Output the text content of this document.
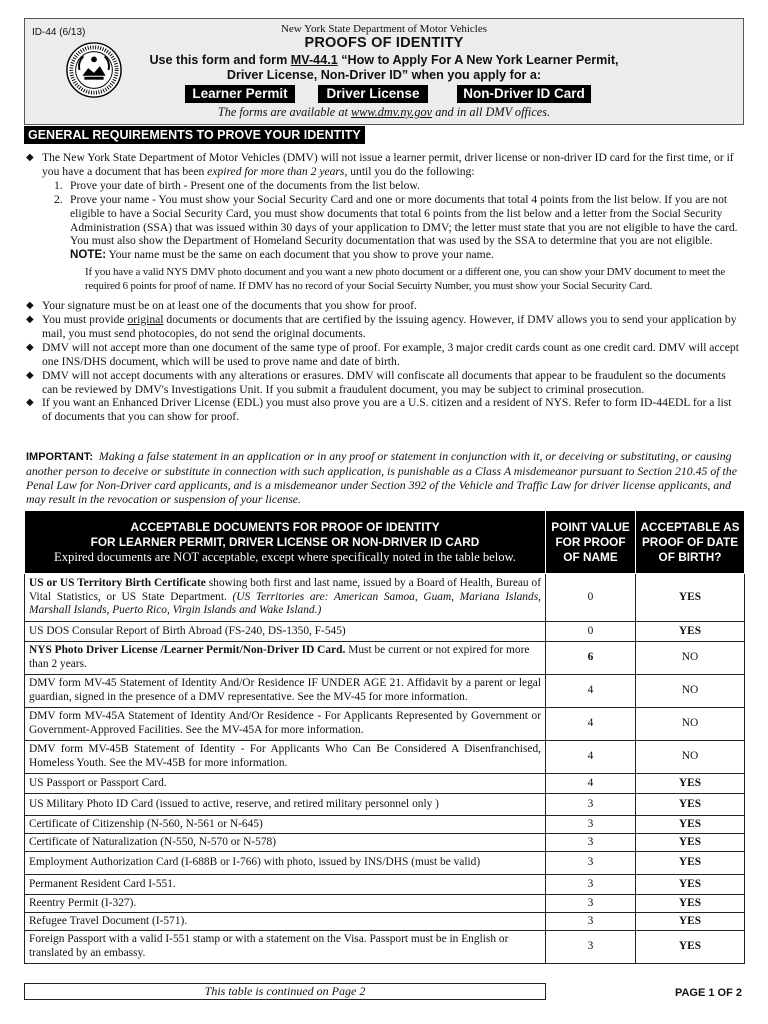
ID-44 (6/13)	New York State Department of Motor Vehicles
PROOFS OF IDENTITY
Use this form and form MV-44.1 “How to Apply For A New York Learner Permit,
Driver License, Non-Driver ID” when you apply for a:
Learner Permit	Driver License	Non-Driver ID Card
The forms are available at www.dmv.ny.gov and in all DMV offices.
GENERAL REQUIREMENTS TO PROVE YOUR IDENTITY
◆ The New York State Department of Motor Vehicles (DMV) will not issue a learner permit, driver license or non-driver ID card for the first time, or if you have a document that has been expired for more than 2 years, until you do the following:
1. Prove your date of birth - Present one of the documents from the list below.
2. Prove your name - You must show your Social Security Card and one or more documents that total 4 points from the list below. If you are not eligible to have a Social Security Card, you must show documents that total 6 points from the list below and a letter from the Social Security Administration (SSA) that was issued within 30 days of your application to DMV; the letter must state that you are not eligible to have the card. You must also show the Department of Homeland Security documentation that was used by the SSA to determine that you are not eligible. NOTE: Your name must be the same on each document that you show to prove your name.
If you have a valid NYS DMV photo document and you want a new photo document or a different one, you can show your DMV document to meet the required 6 points for proof of name. If DMV has no record of your Social Secuirty Number, you must show your Social Security Card.
◆ Your signature must be on at least one of the documents that you show for proof.
◆ You must provide original documents or documents that are certified by the issuing agency. However, if DMV allows you to send your application by mail, you must send photocopies, do not send the original documents.
◆ DMV will not accept more than one document of the same type of proof. For example, 3 major credit cards count as one credit card. DMV will accept one INS/DHS document, which will be used to prove name and date of birth.
◆ DMV will not accept documents with any alterations or erasures. DMV will confiscate all documents that appear to be fraudulent so the documents can be reviewed by DMV's Investigations Unit. If you submit a fraudulent document, you may be subject to criminal prosecution.
◆ If you want an Enhanced Driver License (EDL) you must also prove you are a U.S. citizen and a resident of NYS. Refer to form ID-44EDL for a list of documents that you can show for proof.
IMPORTANT: Making a false statement in an application or in any proof or statement in conjunction with it, or deceiving or substituting, or causing another person to deceive or substitute in connection with such application, is punishable as a Class A misdemeanor pursuant to Section 210.45 of the Penal Law for Non-Driver card applicants, and is a misdemeanor under Section 392 of the Vehicle and Traffic Law for driver license applicants, and may result in the revocation or suspension of your license.
ACCEPTABLE DOCUMENTS FOR PROOF OF IDENTITY
FOR LEARNER PERMIT, DRIVER LICENSE OR NON-DRIVER ID CARD
Expired documents are NOT acceptable, except where specifically noted in the table below.	POINT VALUE FOR PROOF OF NAME	ACCEPTABLE AS PROOF OF DATE OF BIRTH?
US or US Territory Birth Certificate showing both first and last name, issued by a Board of Health, Bureau of Vital Statistics, or US State Department. (US Territories are: American Samoa, Guam, Mariana Islands, Marshall Islands, Puerto Rico, Virgin Islands and Wake Island.)	0	YES
US DOS Consular Report of Birth Abroad (FS-240, DS-1350, F-545)	0	YES
NYS Photo Driver License /Learner Permit/Non-Driver ID Card. Must be current or not expired for more than 2 years.	6	NO
DMV form MV-45 Statement of Identity And/Or Residence IF UNDER AGE 21. Affidavit by a parent or legal guardian, signed in the presence of a DMV representative. See the MV-45 for more information.	4	NO
DMV form MV-45A Statement of Identity And/Or Residence - For Applicants Represented by Government or Government-Approved Facilities. See the MV-45A for more information.	4	NO
DMV form MV-45B Statement of Identity - For Applicants Who Can Be Considered A Disenfranchised, Homeless Youth. See the MV-45B for more information.	4	NO
US Passport or Passport Card.	4	YES
US Military Photo ID Card (issued to active, reserve, and retired military personnel only )	3	YES
Certificate of Citizenship (N-560, N-561 or N-645)	3	YES
Certificate of Naturalization (N-550, N-570 or N-578)	3	YES
Employment Authorization Card (I-688B or I-766) with photo, issued by INS/DHS (must be valid)	3	YES
Permanent Resident Card I-551.	3	YES
Reentry Permit (I-327).	3	YES
Refugee Travel Document (I-571).	3	YES
Foreign Passport with a valid I-551 stamp or with a statement on the Visa. Passport must be in English or translated by an embassy.	3	YES
This table is continued on Page 2	PAGE 1 OF 2
